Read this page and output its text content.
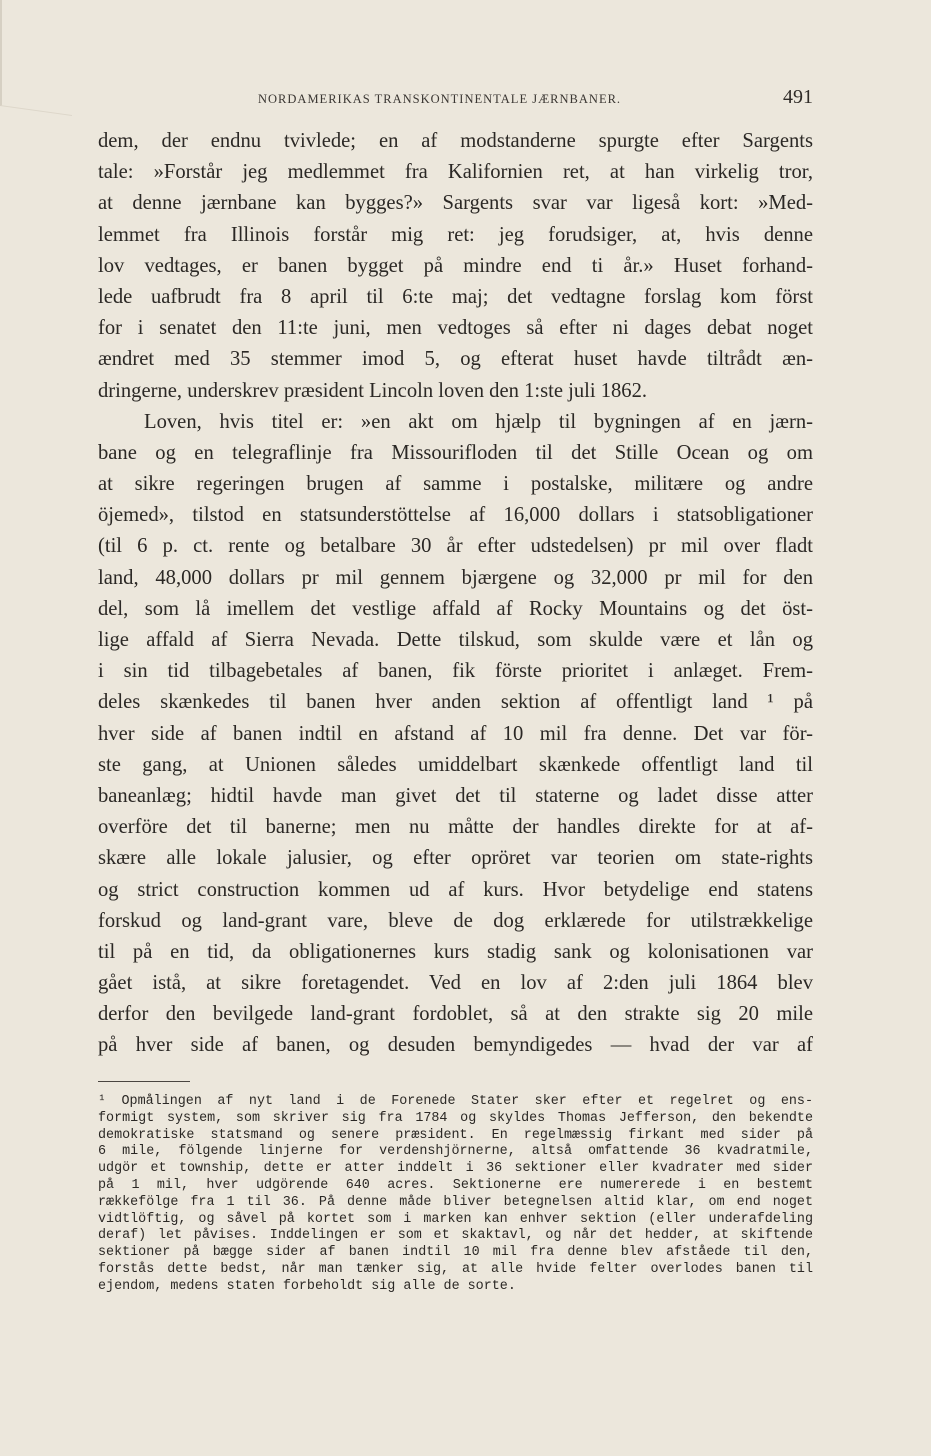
NORDAMERIKAS TRANSKONTINENTALE JÆRNBANER.	491
dem, der endnu tvivlede; en af modstanderne spurgte efter Sargents
tale: »Forstår jeg medlemmet fra Kalifornien ret, at han virkelig tror,
at denne jærnbane kan bygges?» Sargents svar var ligeså kort: »Med-
lemmet fra Illinois forstår mig ret: jeg forudsiger, at, hvis denne
lov vedtages, er banen bygget på mindre end ti år.» Huset forhand-
lede uafbrudt fra 8 april til 6:te maj; det vedtagne forslag kom först
for i senatet den 11:te juni, men vedtoges så efter ni dages debat noget
ændret med 35 stemmer imod 5, og efterat huset havde tiltrådt æn-
dringerne, underskrev præsident Lincoln loven den 1:ste juli 1862.
Loven, hvis titel er: »en akt om hjælp til bygningen af en jærn-
bane og en telegraflinje fra Missourifloden til det Stille Ocean og om
at sikre regeringen brugen af samme i postalske, militære og andre
öjemed», tilstod en statsunderstöttelse af 16,000 dollars i statsobligationer
(til 6 p. ct. rente og betalbare 30 år efter udstedelsen) pr mil over fladt
land, 48,000 dollars pr mil gennem bjærgene og 32,000 pr mil for den
del, som lå imellem det vestlige affald af Rocky Mountains og det öst-
lige affald af Sierra Nevada. Dette tilskud, som skulde være et lån og
i sin tid tilbagebetales af banen, fik förste prioritet i anlæget. Frem-
deles skænkedes til banen hver anden sektion af offentligt land ¹ på
hver side af banen indtil en afstand af 10 mil fra denne. Det var för-
ste gang, at Unionen således umiddelbart skænkede offentligt land til
baneanlæg; hidtil havde man givet det til staterne og ladet disse atter
overföre det til banerne; men nu måtte der handles direkte for at af-
skære alle lokale jalusier, og efter opröret var teorien om state-rights
og strict construction kommen ud af kurs. Hvor betydelige end statens
forskud og land-grant vare, bleve de dog erklærede for utilstrækkelige
til på en tid, da obligationernes kurs stadig sank og kolonisationen var
gået istå, at sikre foretagendet. Ved en lov af 2:den juli 1864 blev
derfor den bevilgede land-grant fordoblet, så at den strakte sig 20 mile
på hver side af banen, og desuden bemyndigedes — hvad der var af
¹ Opmålingen af nyt land i de Forenede Stater sker efter et regelret og ens-
formigt system, som skriver sig fra 1784 og skyldes Thomas Jefferson, den bekendte
demokratiske statsmand og senere præsident. En regelmæssig firkant med sider på
6 mile, fölgende linjerne for verdenshjörnerne, altså omfattende 36 kvadratmile,
udgör et township, dette er atter inddelt i 36 sektioner eller kvadrater med sider
på 1 mil, hver udgörende 640 acres. Sektionerne ere numererede i en bestemt
rækkefölge fra 1 til 36. På denne måde bliver betegnelsen altid klar, om end noget
vidtlöftig, og såvel på kortet som i marken kan enhver sektion (eller underafdeling
deraf) let påvises. Inddelingen er som et skaktavl, og når det hedder, at skiftende
sektioner på bægge sider af banen indtil 10 mil fra denne blev afståede til den,
forstås dette bedst, når man tænker sig, at alle hvide felter overlodes banen til
ejendom, medens staten forbeholdt sig alle de sorte.
